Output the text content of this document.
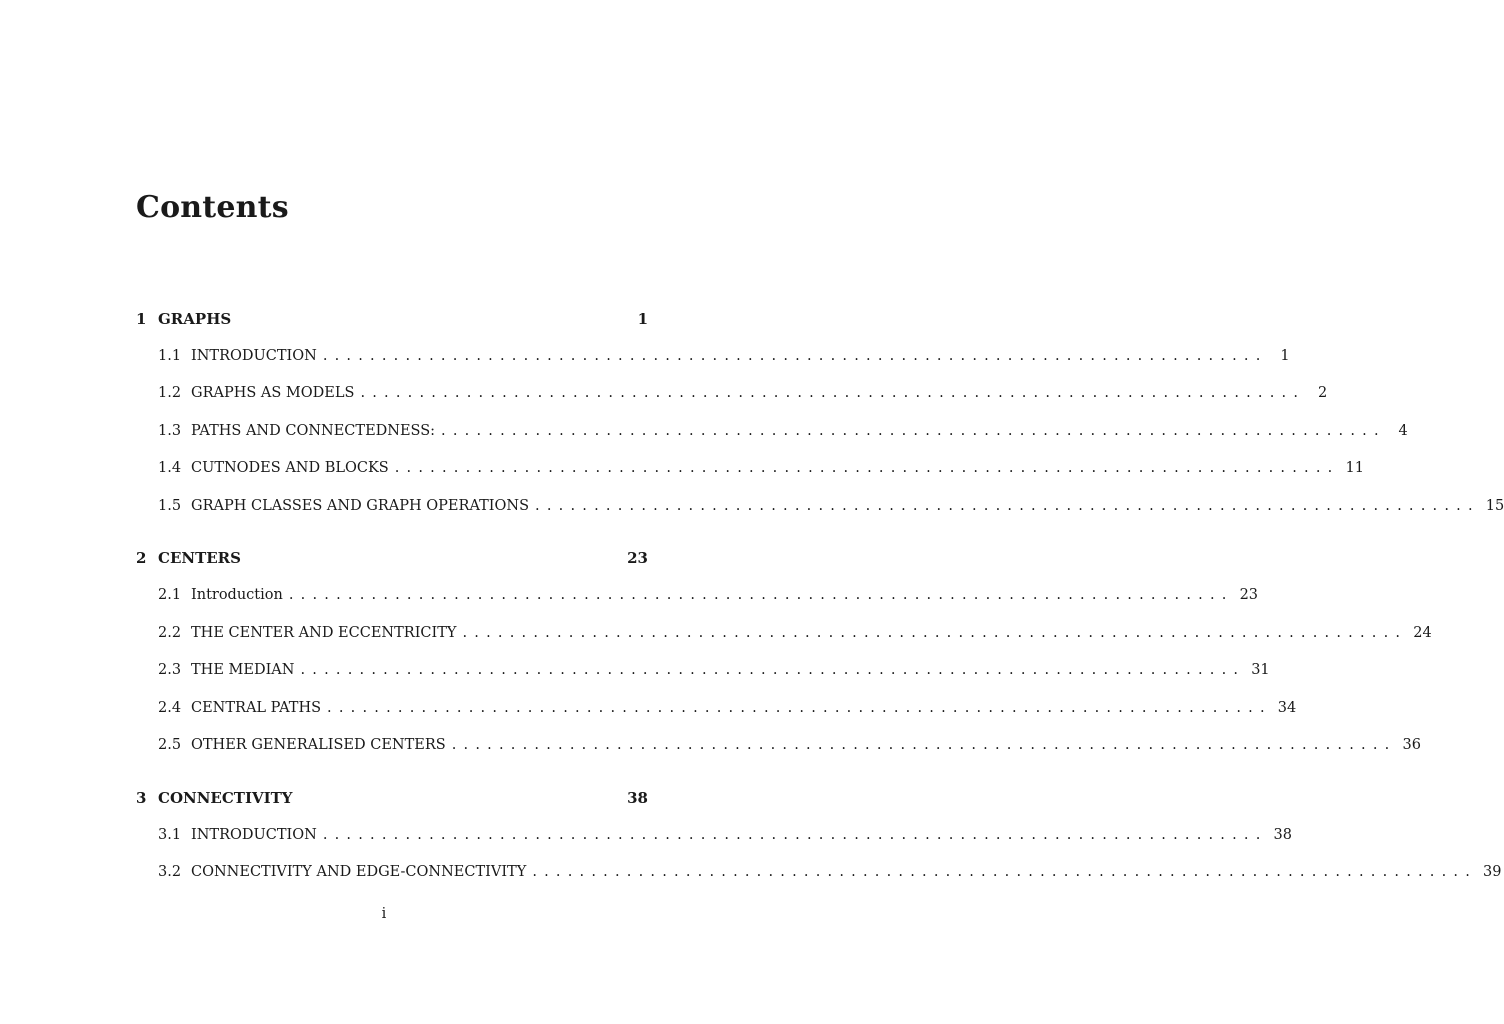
Contents
1 GRAPHS	1
1.1 INTRODUCTION ................................................................................ 1
1.2 GRAPHS AS MODELS ................................................................................ 2
1.3 PATHS AND CONNECTEDNESS: ................................................................................ 4
1.4 CUTNODES AND BLOCKS ................................................................................ 11
1.5 GRAPH CLASSES AND GRAPH OPERATIONS ................................................................................ 15
2 CENTERS	23
2.1 Introduction ................................................................................ 23
2.2 THE CENTER AND ECCENTRICITY ................................................................................ 24
2.3 THE MEDIAN ................................................................................ 31
2.4 CENTRAL PATHS ................................................................................ 34
2.5 OTHER GENERALISED CENTERS ................................................................................ 36
3 CONNECTIVITY	38
3.1 INTRODUCTION ................................................................................ 38
3.2 CONNECTIVITY AND EDGE-CONNECTIVITY ................................................................................ 39
i
